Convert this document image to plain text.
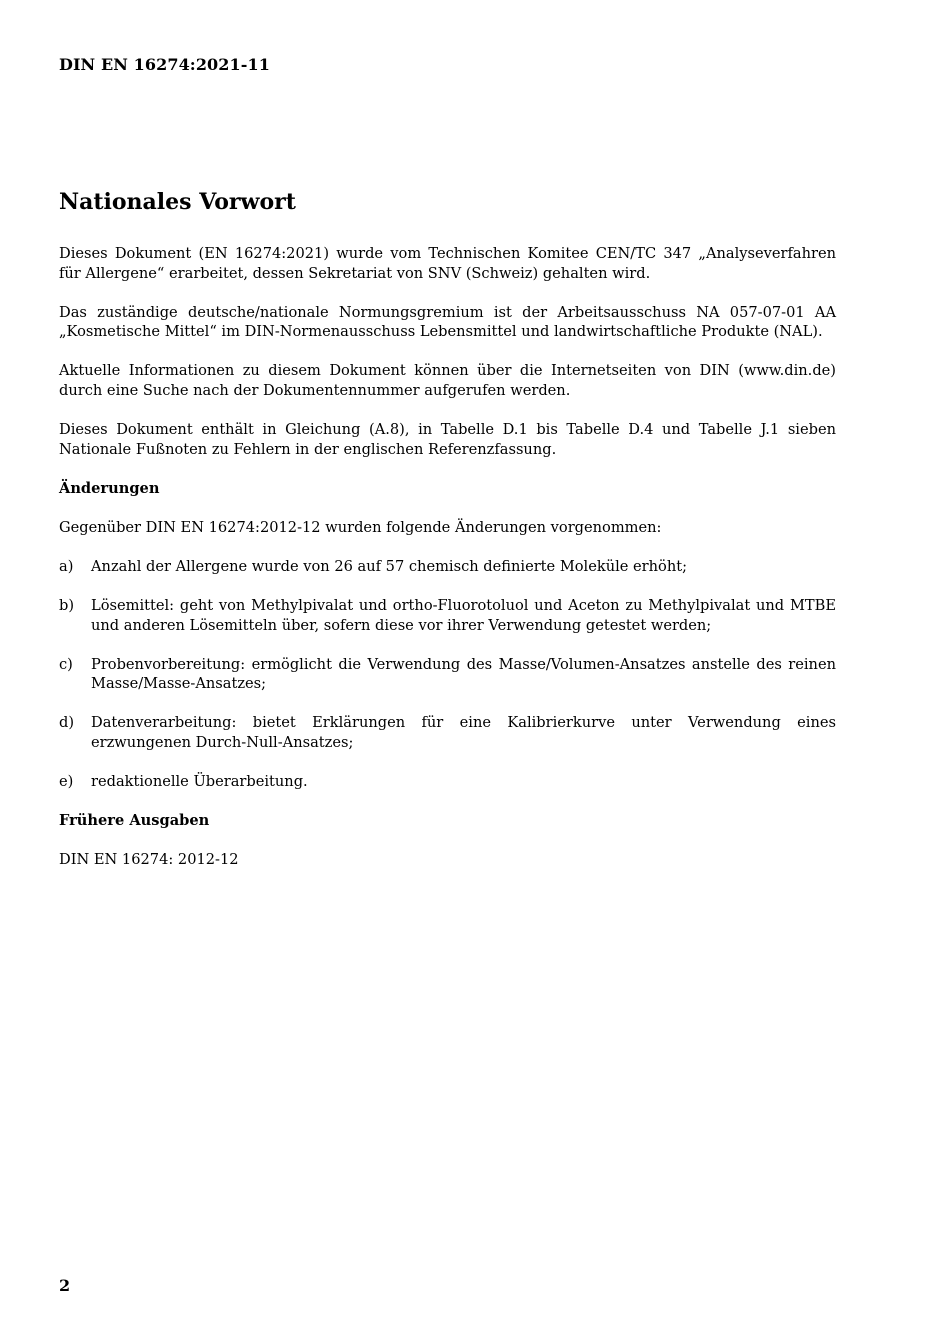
DIN EN 16274:2021-11
Nationales Vorwort

Dieses Dokument (EN 16274:2021) wurde vom Technischen Komitee CEN/TC 347 „Analyseverfahren für Allergene“ erarbeitet, dessen Sekretariat von SNV (Schweiz) gehalten wird.

Das zuständige deutsche/nationale Normungsgremium ist der Arbeitsausschuss NA 057-07-01 AA „Kosmetische Mittel“ im DIN-Normenausschuss Lebensmittel und landwirtschaftliche Produkte (NAL).

Aktuelle Informationen zu diesem Dokument können über die Internetseiten von DIN (www.din.de) durch eine Suche nach der Dokumentennummer aufgerufen werden.

Dieses Dokument enthält in Gleichung (A.8), in Tabelle D.1 bis Tabelle D.4 und Tabelle J.1 sieben Nationale Fußnoten zu Fehlern in der englischen Referenzfassung.

Änderungen

Gegenüber DIN EN 16274:2012-12 wurden folgende Änderungen vorgenommen:

a)	Anzahl der Allergene wurde von 26 auf 57 chemisch definierte Moleküle erhöht;
b)	Lösemittel: geht von Methylpivalat und ortho-Fluorotoluol und Aceton zu Methylpivalat und MTBE und anderen Lösemitteln über, sofern diese vor ihrer Verwendung getestet werden;
c)	Probenvorbereitung: ermöglicht die Verwendung des Masse/Volumen-Ansatzes anstelle des reinen Masse/Masse-Ansatzes;
d)	Datenverarbeitung: bietet Erklärungen für eine Kalibrierkurve unter Verwendung eines erzwungenen Durch-Null-Ansatzes;
e)	redaktionelle Überarbeitung.
Frühere Ausgaben

DIN EN 16274: 2012-12

2
